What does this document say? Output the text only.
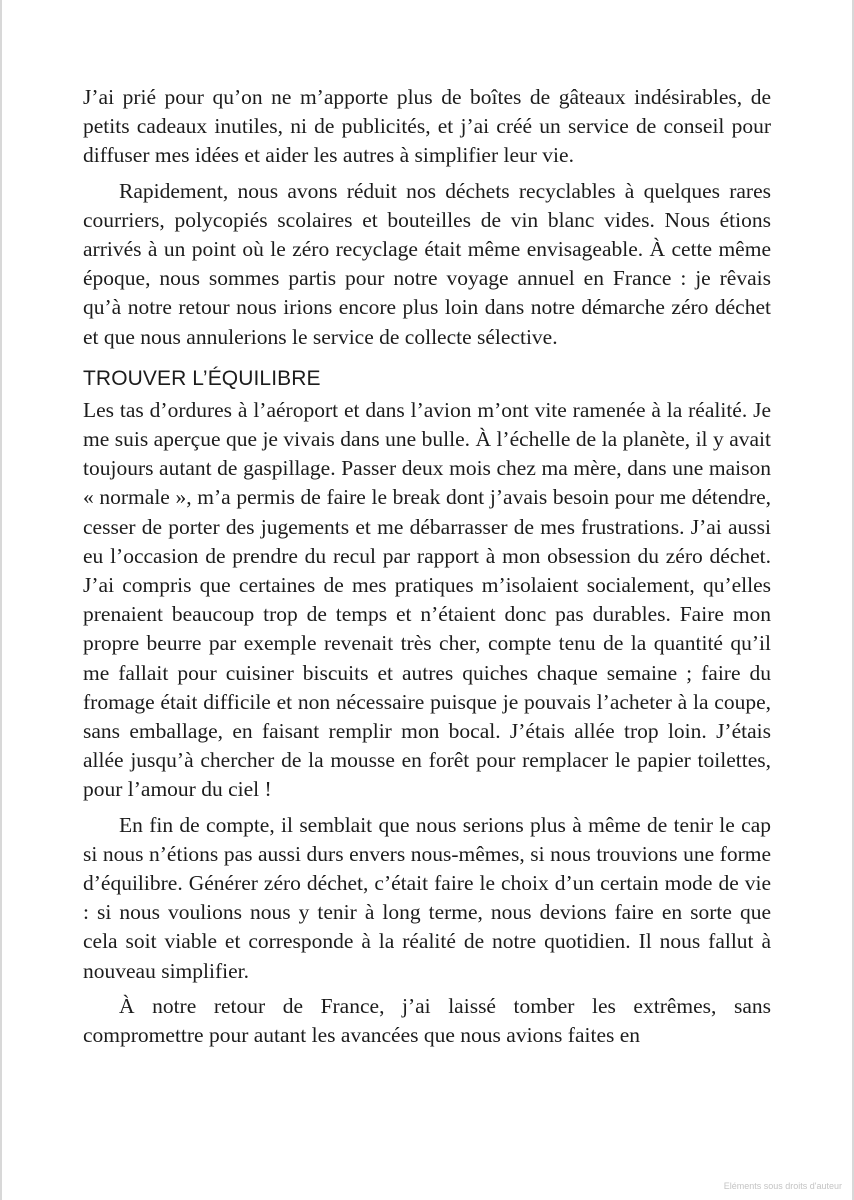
J’ai prié pour qu’on ne m’apporte plus de boîtes de gâteaux indésirables, de petits cadeaux inutiles, ni de publicités, et j’ai créé un service de conseil pour diffuser mes idées et aider les autres à simplifier leur vie.

Rapidement, nous avons réduit nos déchets recyclables à quelques rares courriers, polycopiés scolaires et bouteilles de vin blanc vides. Nous étions arrivés à un point où le zéro recyclage était même envisageable. À cette même époque, nous sommes partis pour notre voyage annuel en France : je rêvais qu’à notre retour nous irions encore plus loin dans notre démarche zéro déchet et que nous annulerions le service de collecte sélective.

TROUVER L’ÉQUILIBRE

Les tas d’ordures à l’aéroport et dans l’avion m’ont vite ramenée à la réalité. Je me suis aperçue que je vivais dans une bulle. À l’échelle de la planète, il y avait toujours autant de gaspillage. Passer deux mois chez ma mère, dans une maison « normale », m’a permis de faire le break dont j’avais besoin pour me détendre, cesser de porter des jugements et me débarrasser de mes frustrations. J’ai aussi eu l’occasion de prendre du recul par rapport à mon obsession du zéro déchet. J’ai compris que certaines de mes pratiques m’isolaient socialement, qu’elles prenaient beaucoup trop de temps et n’étaient donc pas durables. Faire mon propre beurre par exemple revenait très cher, compte tenu de la quantité qu’il me fallait pour cuisiner biscuits et autres quiches chaque semaine ; faire du fromage était difficile et non nécessaire puisque je pouvais l’acheter à la coupe, sans emballage, en faisant remplir mon bocal. J’étais allée trop loin. J’étais allée jusqu’à chercher de la mousse en forêt pour remplacer le papier toilettes, pour l’amour du ciel !

En fin de compte, il semblait que nous serions plus à même de tenir le cap si nous n’étions pas aussi durs envers nous-mêmes, si nous trouvions une forme d’équilibre. Générer zéro déchet, c’était faire le choix d’un certain mode de vie : si nous voulions nous y tenir à long terme, nous devions faire en sorte que cela soit viable et corresponde à la réalité de notre quotidien. Il nous fallut à nouveau simplifier.

À notre retour de France, j’ai laissé tomber les extrêmes, sans compromettre pour autant les avancées que nous avions faites en

Eléments sous droits d'auteur
